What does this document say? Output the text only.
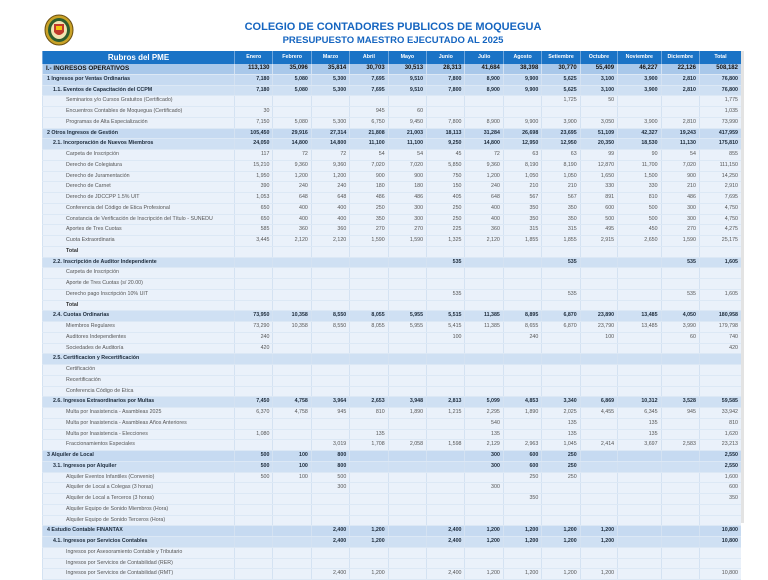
COLEGIO DE CONTADORES PUBLICOS DE MOQUEGUA
PRESUPUESTO MAESTRO EJECUTADO AL 2025
Rubros del PME	Enero	Febrero	Marzo	Abril	Mayo	Junio	Julio	Agosto	Setiembre	Octubre	Noviembre	Diciembre	Total
I.- INGRESOS OPERATIVOS	113,130	35,096	35,814	30,703	30,513	28,313	41,684	38,398	30,770	55,409	46,227	22,126	508,182
1 Ingresos por Ventas Ordinarias	7,180	5,080	5,300	7,695	9,510	7,800	8,900	9,900	5,625	3,100	3,900	2,810	76,800
1.1. Eventos de Capacitación del CCPM	7,180	5,080	5,300	7,695	9,510	7,800	8,900	9,900	5,625	3,100	3,900	2,810	76,800
Seminarios y/o Cursos Gratuitos (Certificado)									1,725	50			1,775
Encuentros Contables de Moquegua (Certificado)	30			945	60								1,035
Programas de Alta Especialización	7,150	5,080	5,300	6,750	9,450	7,800	8,900	9,900	3,900	3,050	3,900	2,810	73,990
2 Otros Ingresos de Gestión	105,450	29,916	27,314	21,808	21,003	18,113	31,284	26,698	23,695	51,109	42,327	19,243	417,959
2.1. Incorporación de Nuevos Miembros	24,050	14,800	14,800	11,100	11,100	9,250	14,800	12,950	12,950	20,350	18,530	11,130	175,810
Carpeta de Inscripción	117	72	72	54	54	45	72	63	63	99	90	54	855
Derecho de Colegiatura	15,210	9,360	9,360	7,020	7,020	5,850	9,360	8,190	8,190	12,870	11,700	7,020	111,150
Derecho de Juramentación	1,950	1,200	1,200	900	900	750	1,200	1,050	1,050	1,650	1,500	900	14,250
Derecho de Carnet	390	240	240	180	180	150	240	210	210	330	330	210	2,910
Derecho de JDCCPP 1.5% UIT	1,053	648	648	486	486	405	648	567	567	891	810	486	7,695
Conferencia del Código de Etica Profesional	650	400	400	250	300	250	400	350	350	600	500	300	4,750
Constancia de Verificación de Inscripción del Título - SUNEDU	650	400	400	350	300	250	400	350	350	500	500	300	4,750
Aportes de Tres Cuotas	585	360	360	270	270	225	360	315	315	495	450	270	4,275
Cuota Extraordinaria	3,445	2,120	2,120	1,590	1,590	1,325	2,120	1,855	1,855	2,915	2,650	1,590	25,175
Total													
2.2. Inscripción de Auditor Independiente						535			535			535	1,605
Carpeta de Inscripción													
Aporte de Tres Cuotas (s/ 20.00)													
Derecho pago Inscripción 10% UIT						535			535			535	1,605
Total													
2.4. Cuotas Ordinarias	73,950	10,358	8,550	8,055	5,955	5,515	11,385	8,895	6,870	23,890	13,485	4,050	180,958
Miembros Regulares	73,290	10,358	8,550	8,055	5,955	5,415	11,385	8,655	6,870	23,790	13,485	3,990	179,798
Auditores Independientes	240					100		240		100		60	740
Sociedades de Auditoría	420												420
2.5. Certificacion y Recertificación													
Certificación													
Recertificación													
Conferencia Código de Etica													
2.6. Ingresos Extraordinarios por Multas	7,450	4,758	3,964	2,653	3,948	2,813	5,099	4,853	3,340	6,869	10,312	3,528	59,585
Multa por Inasistencia - Asambleas 2025	6,370	4,758	945	810	1,890	1,215	2,295	1,890	2,025	4,455	6,345	945	33,942
Multa por Inasistencia - Asambleas Años Anteriores							540		135		135		810
Multa por Inasistencia - Elecciones	1,080			135			135		135		135		1,620
Fraccionamientos Especiales			3,019	1,708	2,058	1,598	2,129	2,963	1,045	2,414	3,697	2,583	23,213
3 Alquiler de Local	500	100	800				300	600	250				2,550
3.1. Ingresos por Alquiler	500	100	800				300	600	250				2,550
Alquiler Eventos Infantiles (Convenio)	500	100	500					250	250				1,600
Alquiler de Local a Colegas (3 horas)			300				300						600
Alquiler de Local a Terceros (3 horas)								350					350
Alquiler Equipo de Sonido Miembros (Hora)													
Alquiler Equipo de Sonido Terceros (Hora)													
4 Estudio Contable FINANTAX			2,400	1,200		2,400	1,200	1,200	1,200	1,200			10,800
4.1. Ingresos por Servicios Contables			2,400	1,200		2,400	1,200	1,200	1,200	1,200			10,800
Ingresos por Asesoramiento Contable y Tributario													
Ingresos por Servicios de Contabilidad (RER)													
Ingresos por Servicios de Contabilidad (RMT)			2,400	1,200		2,400	1,200	1,200	1,200	1,200			10,800
